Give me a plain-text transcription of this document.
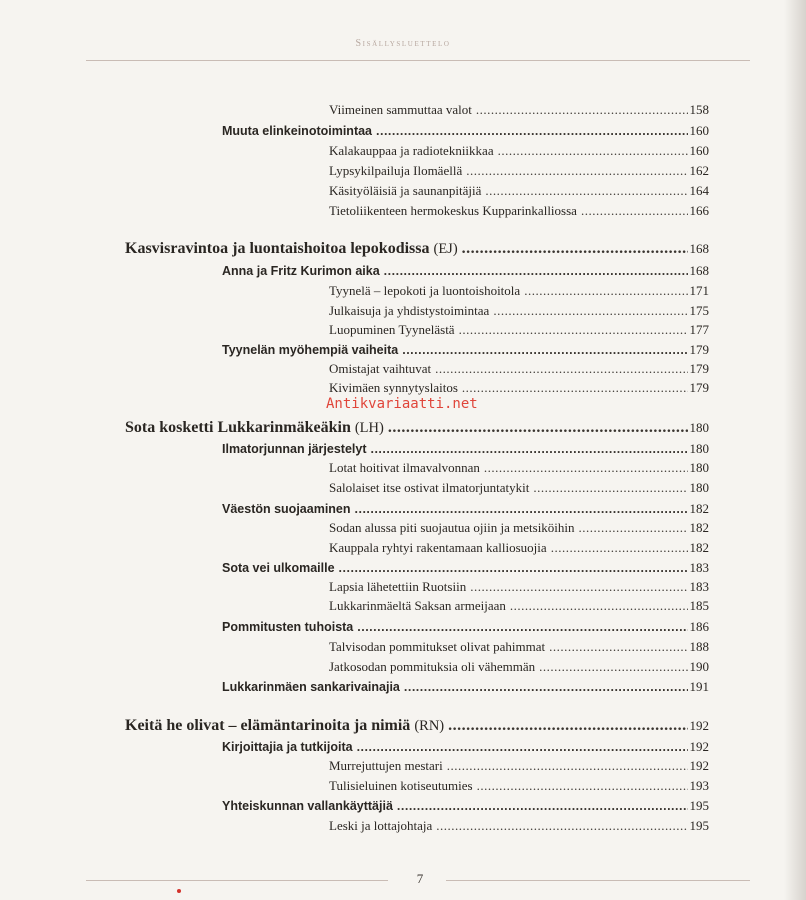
Sisällysluettelo
Viimeinen sammuttaa valot .....	158
Muuta elinkeinotoimintaa .....	160
Kalakauppaa ja radiotekniikkaa .....	160
Lypsykilpailuja Ilomäellä .....	162
Käsityöläisiä ja saunanpitäjiä .....	164
Tietoliikenteen hermokeskus Kupparinkalliossa .....	166
Kasvisravintoa ja luontaishoitoa lepokodissa
(EJ) .....	168
Anna ja Fritz Kurimon aika .....	168
Tyynelä – lepokoti ja luontoishoitola .....	171
Julkaisuja ja yhdistystoimintaa .....	175
Luopuminen Tyynelästä .....	177
Tyynelän myöhempiä vaiheita .....	179
Omistajat vaihtuvat .....	179
Kivimäen synnytyslaitos .....	179
Sota kosketti Lukkarinmäkeäkin
(LH) .....	180
Ilmatorjunnan järjestelyt .....	180
Lotat hoitivat ilmavalvonnan .....	180
Salolaiset itse ostivat ilmatorjuntatykit .....	180
Väestön suojaaminen .....	182
Sodan alussa piti suojautua ojiin ja metsiköihin .....	182
Kauppala ryhtyi rakentamaan kalliosuojia .....	182
Sota vei ulkomaille .....	183
Lapsia lähetettiin Ruotsiin .....	183
Lukkarinmäeltä Saksan armeijaan .....	185
Pommitusten tuhoista .....	186
Talvisodan pommitukset olivat pahimmat .....	188
Jatkosodan pommituksia oli vähemmän .....	190
Lukkarinmäen sankarivainajia .....	191
Keitä he olivat – elämäntarinoita ja nimiä
(RN) .....	192
Kirjoittajia ja tutkijoita .....	192
Murrejuttujen mestari .....	192
Tulisieluinen kotiseutumies .....	193
Yhteiskunnan vallankäyttäjiä .....	195
Leski ja lottajohtaja .....	195
Antikvariaatti.net
7
